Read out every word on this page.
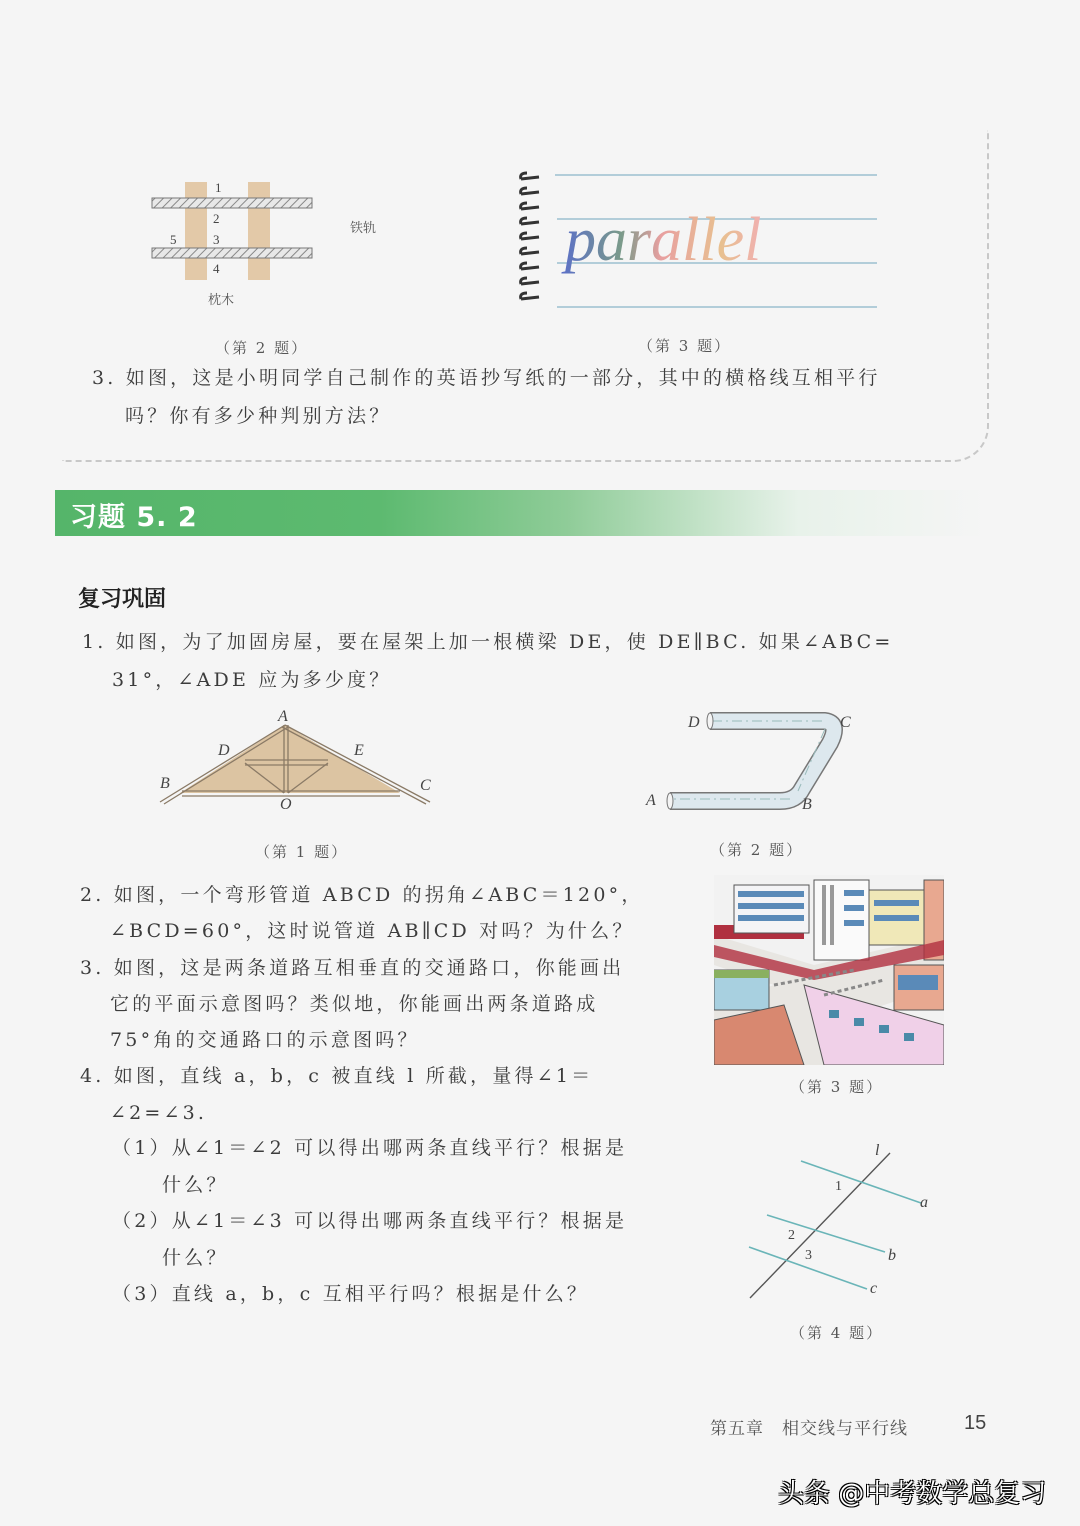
1
2
3
4
5
铁轨
枕木
（第 2 题）
parallel
（第 3 题）
3. 如图，这是小明同学自己制作的英语抄写纸的一部分，其中的横格线互相平行
吗？你有多少种判别方法？
习题 5. 2
复习巩固
1. 如图，为了加固房屋，要在屋架上加一根横梁 DE，使 DE∥BC. 如果∠ABC=
31°，∠ADE 应为多少度？
A
B	C
D	E
O
（第 1 题）
D	C
A	B
（第 2 题）
2. 如图，一个弯形管道 ABCD 的拐角∠ABC＝120°，
∠BCD=60°，这时说管道 AB∥CD 对吗？为什么？
3. 如图，这是两条道路互相垂直的交通路口，你能画出
它的平面示意图吗？类似地，你能画出两条道路成
75°角的交通路口的示意图吗？
（第 3 题）
4. 如图，直线 a，b，c 被直线 l 所截，量得∠1＝
∠2=∠3.
（1）从∠1＝∠2 可以得出哪两条直线平行？根据是
什么？
（2）从∠1＝∠3 可以得出哪两条直线平行？根据是
什么？
（3）直线 a，b，c 互相平行吗？根据是什么？
l
a
b
c
1
2
3
（第 4 题）
第五章　相交线与平行线	15
头条 @中考数学总复习
